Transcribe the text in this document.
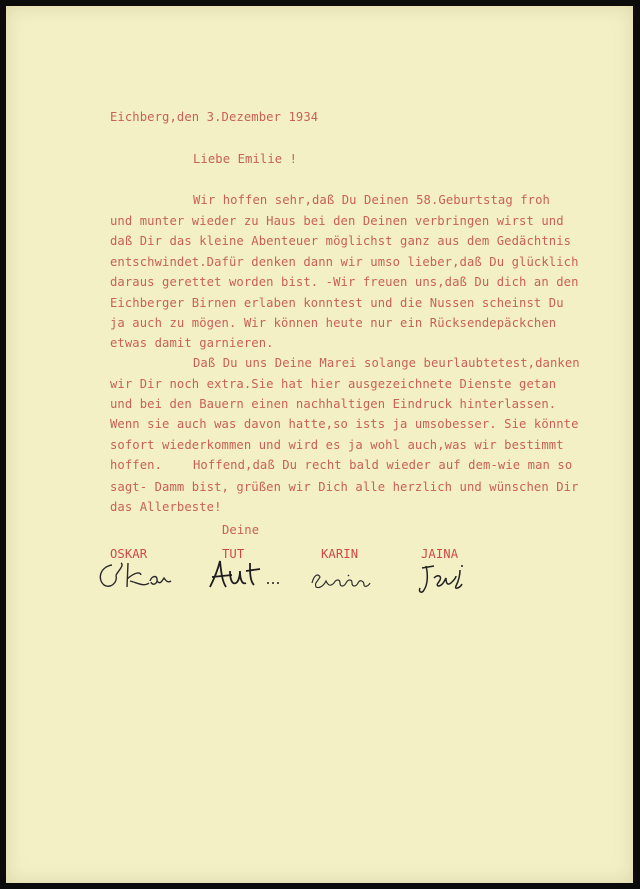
Eichberg,den 3.Dezember 1934
Liebe Emilie !
Wir hoffen sehr,daß Du Deinen 58.Geburtstag froh
und munter wieder zu Haus bei den Deinen verbringen wirst und
daß Dir das kleine Abenteuer möglichst ganz aus dem Gedächtnis
entschwindet.Dafür denken dann wir umso lieber,daß Du glücklich
daraus gerettet worden bist. -Wir freuen uns,daß Du dich an den
Eichberger Birnen erlaben konntest und die Nussen scheinst Du
ja auch zu mögen. Wir können heute nur ein Rücksendepäckchen
etwas damit garnieren.
Daß Du uns Deine Marei solange beurlaubtetest,danken
wir Dir noch extra.Sie hat hier ausgezeichnete Dienste getan
und bei den Bauern einen nachhaltigen Eindruck hinterlassen.
Wenn sie auch was davon hatte,so ists ja umsobesser. Sie könnte
sofort wiederkommen und wird es ja wohl auch,was wir bestimmt
hoffen.	Hoffend,daß Du recht bald wieder auf dem-wie man so
sagt- Damm bist, grüßen wir Dich alle herzlich und wünschen Dir
das Allerbeste!
Deine
OSKAR	TUT	KARIN	JAINA
